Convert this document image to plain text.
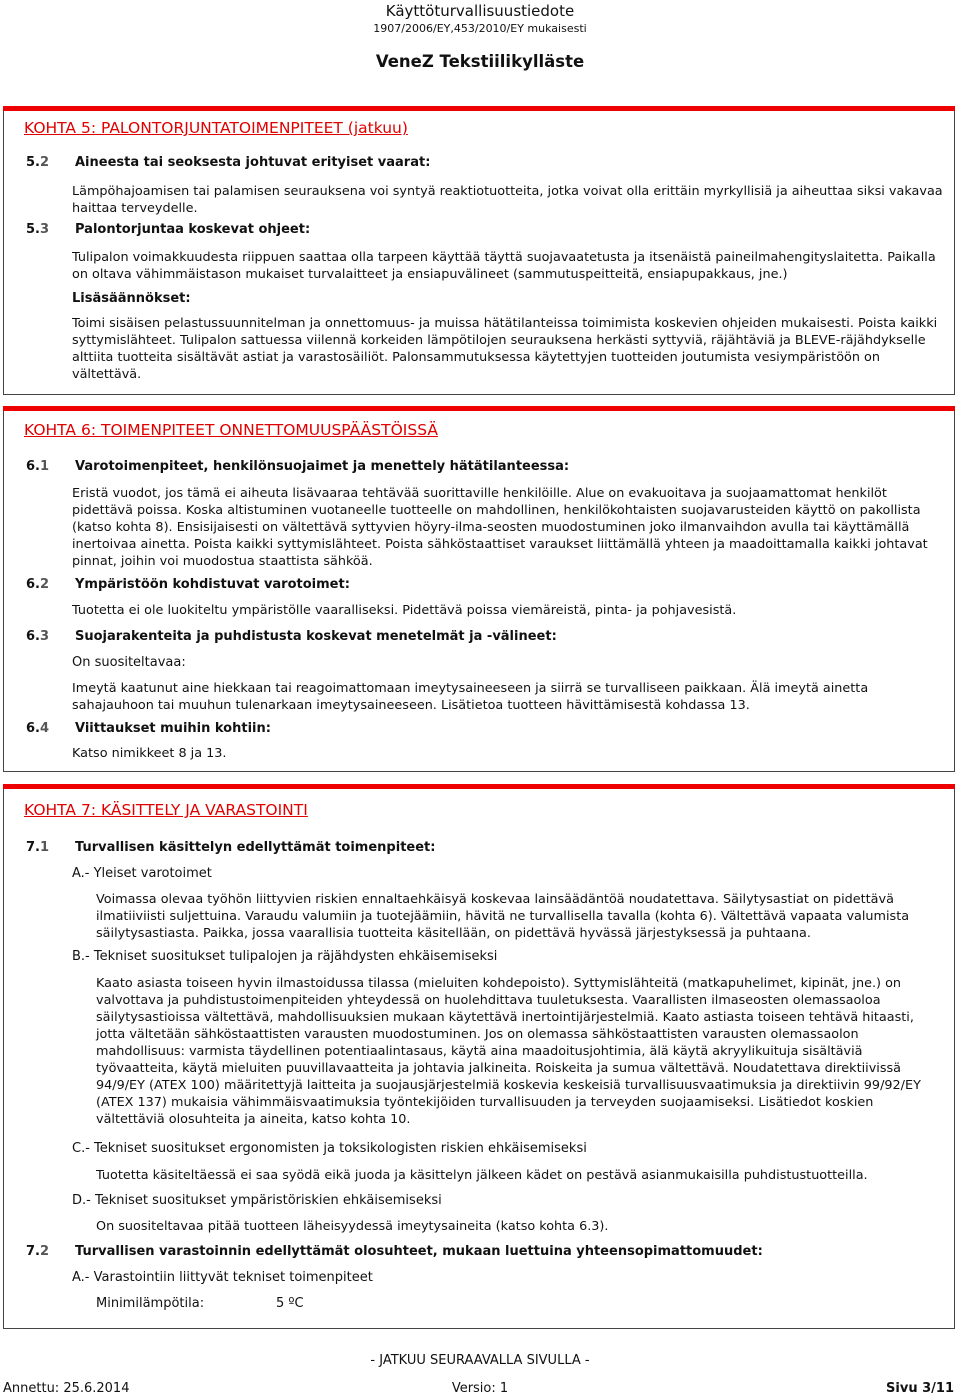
Käyttöturvallisuustiedote
1907/2006/EY,453/2010/EY mukaisesti
VeneZ Tekstiilikylläste
KOHTA 5: PALONTORJUNTATOIMENPITEET (jatkuu)
5.2 Aineesta tai seoksesta johtuvat erityiset vaarat:
Lämpöhajoamisen tai palamisen seurauksena voi syntyä reaktiotuotteita, jotka voivat olla erittäin myrkyllisiä ja aiheuttaa siksi vakavaa haittaa terveydelle.
5.3 Palontorjuntaa koskevat ohjeet:
Tulipalon voimakkuudesta riippuen saattaa olla tarpeen käyttää täyttä suojavaatetusta ja itsenäistä paineilmahengityslaitetta. Paikalla on oltava vähimmäistason mukaiset turvalaitteet ja ensiapuvälineet (sammutuspeitteitä, ensiapupakkaus, jne.)
Lisäsäännökset:
Toimi sisäisen pelastussuunnitelman ja onnettomuus- ja muissa hätätilanteissa toimimista koskevien ohjeiden mukaisesti. Poista kaikki syttymislähteet. Tulipalon sattuessa viilennä korkeiden lämpötilojen seurauksena herkästi syttyviä, räjähtäviä ja BLEVE-räjähdykselle alttiita tuotteita sisältävät astiat ja varastosäiliöt. Palonsammutuksessa käytettyjen tuotteiden joutumista vesiympäristöön on vältettävä.
KOHTA 6: TOIMENPITEET ONNETTOMUUSPÄÄSTÖISSÄ
6.1 Varotoimenpiteet, henkilönsuojaimet ja menettely hätätilanteessa:
Eristä vuodot, jos tämä ei aiheuta lisävaaraa tehtävää suorittaville henkilöille. Alue on evakuoitava ja suojaamattomat henkilöt pidettävä poissa. Koska altistuminen vuotaneelle tuotteelle on mahdollinen, henkilökohtaisten suojavarusteiden käyttö on pakollista (katso kohta 8). Ensisijaisesti on vältettävä syttyvien höyry-ilma-seosten muodostuminen joko ilmanvaihdon avulla tai käyttämällä inertoivaa ainetta. Poista kaikki syttymislähteet. Poista sähköstaattiset varaukset liittämällä yhteen ja maadoittamalla kaikki johtavat pinnat, joihin voi muodostua staattista sähköä.
6.2 Ympäristöön kohdistuvat varotoimet:
Tuotetta ei ole luokiteltu ympäristölle vaaralliseksi. Pidettävä poissa viemäreistä, pinta- ja pohjavesistä.
6.3 Suojarakenteita ja puhdistusta koskevat menetelmät ja -välineet:
On suositeltavaa:
Imeytä kaatunut aine hiekkaan tai reagoimattomaan imeytysaineeseen ja siirrä se turvalliseen paikkaan. Älä imeytä ainetta sahajauhoon tai muuhun tulenarkaan imeytysaineeseen. Lisätietoa tuotteen hävittämisestä kohdassa 13.
6.4 Viittaukset muihin kohtiin:
Katso nimikkeet 8 ja 13.
KOHTA 7: KÄSITTELY JA VARASTOINTI
7.1 Turvallisen käsittelyn edellyttämät toimenpiteet:
A.- Yleiset varotoimet
Voimassa olevaa työhön liittyvien riskien ennaltaehkäisyä koskevaa lainsäädäntöä noudatettava. Säilytysastiat on pidettävä ilmatiiviisti suljettuina. Varaudu valumiin ja tuotejäämiin, hävitä ne turvallisella tavalla (kohta 6). Vältettävä vapaata valumista säilytysastiasta. Paikka, jossa vaarallisia tuotteita käsitellään, on pidettävä hyvässä järjestyksessä ja puhtaana.
B.- Tekniset suositukset tulipalojen ja räjähdysten ehkäisemiseksi
Kaato asiasta toiseen hyvin ilmastoidussa tilassa (mieluiten kohdepoisto). Syttymislähteitä (matkapuhelimet, kipinät, jne.) on valvottava ja puhdistustoimenpiteiden yhteydessä on huolehdittava tuuletuksesta. Vaarallisten ilmaseosten olemassaoloa säilytysastioissa vältettävä, mahdollisuuksien mukaan käytettävä inertointijärjestelmiä. Kaato astiasta toiseen tehtävä hitaasti, jotta vältetään sähköstaattisten varausten muodostuminen. Jos on olemassa sähköstaattisten varausten olemassaolon mahdollisuus: varmista täydellinen potentiaalintasaus, käytä aina maadoitusjohtimia, älä käytä akryylikuituja sisältäviä työvaatteita, käytä mieluiten puuvillavaatteita ja johtavia jalkineita. Roiskeita ja sumua vältettävä. Noudatettava direktiivissä 94/9/EY (ATEX 100) määritettyjä laitteita ja suojausjärjestelmiä koskevia keskeisiä turvallisuusvaatimuksia ja direktiivin 99/92/EY (ATEX 137) mukaisia vähimmäisvaatimuksia työntekijöiden turvallisuuden ja terveyden suojaamiseksi. Lisätiedot koskien vältettäviä olosuhteita ja aineita, katso kohta 10.
C.- Tekniset suositukset ergonomisten ja toksikologisten riskien ehkäisemiseksi
Tuotetta käsiteltäessä ei saa syödä eikä juoda ja käsittelyn jälkeen kädet on pestävä asianmukaisilla puhdistustuotteilla.
D.- Tekniset suositukset ympäristöriskien ehkäisemiseksi
On suositeltavaa pitää tuotteen läheisyydessä imeytysaineita (katso kohta 6.3).
7.2 Turvallisen varastoinnin edellyttämät olosuhteet, mukaan luettuina yhteensopimattomuudet:
A.- Varastointiin liittyvät tekniset toimenpiteet
Minimilämpötila:	5 ºC
- JATKUU SEURAAVALLA SIVULLA -
Annettu: 25.6.2014	Versio: 1	Sivu 3/11
